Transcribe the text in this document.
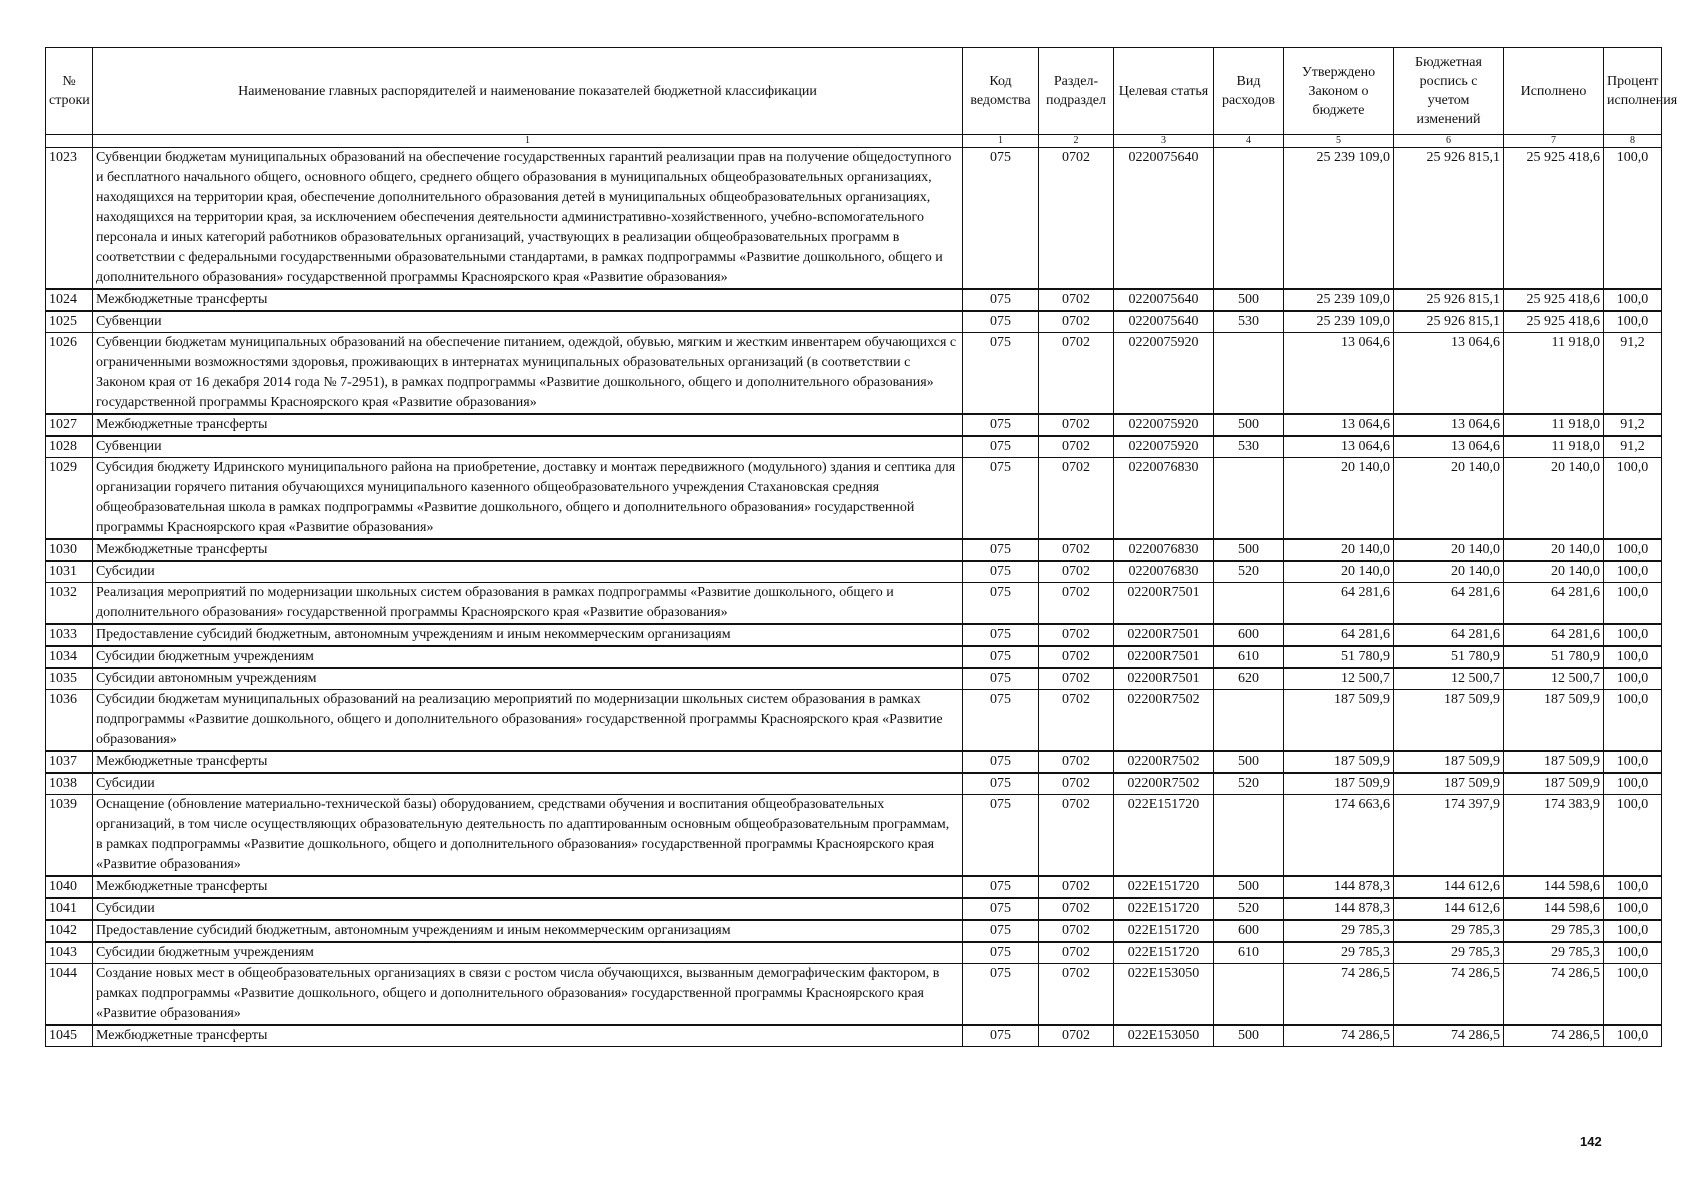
№ строки	Наименование главных распорядителей и наименование показателей бюджетной классификации	Код ведомства	Раздел-подраздел	Целевая статья	Вид расходов	Утверждено Законом о бюджете	Бюджетная роспись с учетом изменений	Исполнено	Процент исполнения
	1	1	2	3	4	5	6	7	8
1023	Субвенции бюджетам муниципальных образований на обеспечение государственных гарантий реализации прав на получение общедоступного и бесплатного начального общего, основного общего, среднего общего образования в муниципальных общеобразовательных организациях, находящихся на территории края, обеспечение дополнительного образования детей в муниципальных общеобразовательных организациях, находящихся на территории края, за исключением обеспечения деятельности административно-хозяйственного, учебно-вспомогательного персонала и иных категорий работников образовательных организаций, участвующих в реализации общеобразовательных программ в соответствии с федеральными государственными образовательными стандартами, в рамках подпрограммы «Развитие дошкольного, общего и дополнительного образования» государственной программы Красноярского края «Развитие образования»	075	0702	0220075640		25 239 109,0	25 926 815,1	25 925 418,6	100,0
1024	Межбюджетные трансферты	075	0702	0220075640	500	25 239 109,0	25 926 815,1	25 925 418,6	100,0
1025	Субвенции	075	0702	0220075640	530	25 239 109,0	25 926 815,1	25 925 418,6	100,0
1026	Субвенции бюджетам муниципальных образований на обеспечение питанием, одеждой, обувью, мягким и жестким инвентарем обучающихся с ограниченными возможностями здоровья, проживающих в интернатах муниципальных образовательных организаций (в соответствии с Законом края от 16 декабря 2014 года № 7-2951), в рамках подпрограммы «Развитие дошкольного, общего и дополнительного образования» государственной программы Красноярского края «Развитие образования»	075	0702	0220075920		13 064,6	13 064,6	11 918,0	91,2
1027	Межбюджетные трансферты	075	0702	0220075920	500	13 064,6	13 064,6	11 918,0	91,2
1028	Субвенции	075	0702	0220075920	530	13 064,6	13 064,6	11 918,0	91,2
1029	Субсидия бюджету Идринского муниципального района на приобретение, доставку и монтаж передвижного (модульного) здания и септика для организации горячего питания обучающихся муниципального казенного общеобразовательного учреждения Стахановская средняя общеобразовательная школа в рамках подпрограммы «Развитие дошкольного, общего и дополнительного образования» государственной программы Красноярского края «Развитие образования»	075	0702	0220076830		20 140,0	20 140,0	20 140,0	100,0
1030	Межбюджетные трансферты	075	0702	0220076830	500	20 140,0	20 140,0	20 140,0	100,0
1031	Субсидии	075	0702	0220076830	520	20 140,0	20 140,0	20 140,0	100,0
1032	Реализация мероприятий по модернизации школьных систем образования в рамках подпрограммы «Развитие дошкольного, общего и дополнительного образования» государственной программы Красноярского края «Развитие образования»	075	0702	02200R7501		64 281,6	64 281,6	64 281,6	100,0
1033	Предоставление субсидий бюджетным, автономным учреждениям и иным некоммерческим организациям	075	0702	02200R7501	600	64 281,6	64 281,6	64 281,6	100,0
1034	Субсидии бюджетным учреждениям	075	0702	02200R7501	610	51 780,9	51 780,9	51 780,9	100,0
1035	Субсидии автономным учреждениям	075	0702	02200R7501	620	12 500,7	12 500,7	12 500,7	100,0
1036	Субсидии бюджетам муниципальных образований на реализацию мероприятий по модернизации школьных систем образования в рамках подпрограммы «Развитие дошкольного, общего и дополнительного образования» государственной программы Красноярского края «Развитие образования»	075	0702	02200R7502		187 509,9	187 509,9	187 509,9	100,0
1037	Межбюджетные трансферты	075	0702	02200R7502	500	187 509,9	187 509,9	187 509,9	100,0
1038	Субсидии	075	0702	02200R7502	520	187 509,9	187 509,9	187 509,9	100,0
1039	Оснащение (обновление материально-технической базы) оборудованием, средствами обучения и воспитания общеобразовательных организаций, в том числе осуществляющих образовательную деятельность по адаптированным основным общеобразовательным программам, в рамках подпрограммы «Развитие дошкольного, общего и дополнительного образования» государственной программы Красноярского края «Развитие образования»	075	0702	022E151720		174 663,6	174 397,9	174 383,9	100,0
1040	Межбюджетные трансферты	075	0702	022E151720	500	144 878,3	144 612,6	144 598,6	100,0
1041	Субсидии	075	0702	022E151720	520	144 878,3	144 612,6	144 598,6	100,0
1042	Предоставление субсидий бюджетным, автономным учреждениям и иным некоммерческим организациям	075	0702	022E151720	600	29 785,3	29 785,3	29 785,3	100,0
1043	Субсидии бюджетным учреждениям	075	0702	022E151720	610	29 785,3	29 785,3	29 785,3	100,0
1044	Создание новых мест в общеобразовательных организациях в связи с ростом числа обучающихся, вызванным демографическим фактором, в рамках подпрограммы «Развитие дошкольного, общего и дополнительного образования» государственной программы Красноярского края «Развитие образования»	075	0702	022E153050		74 286,5	74 286,5	74 286,5	100,0
1045	Межбюджетные трансферты	075	0702	022E153050	500	74 286,5	74 286,5	74 286,5	100,0
142
